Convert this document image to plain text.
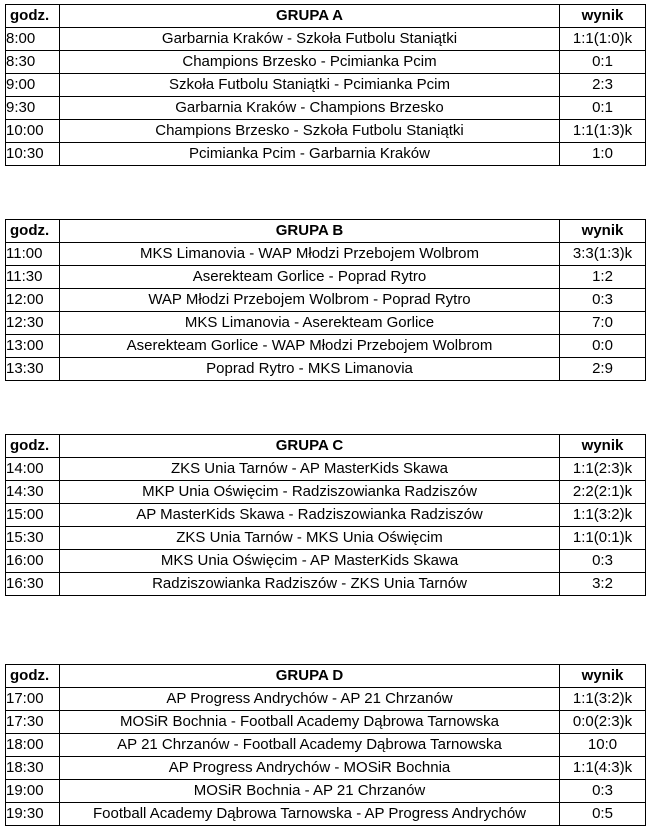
godz.	GRUPA A	wynik
8:00	Garbarnia Kraków - Szkoła Futbolu Staniątki	1:1(1:0)k
8:30	Champions Brzesko - Pcimianka Pcim	0:1
9:00	Szkoła Futbolu Staniątki - Pcimianka Pcim	2:3
9:30	Garbarnia Kraków - Champions Brzesko	0:1
10:00	Champions Brzesko - Szkoła Futbolu Staniątki	1:1(1:3)k
10:30	Pcimianka Pcim - Garbarnia Kraków	1:0
godz.	GRUPA B	wynik
11:00	MKS Limanovia - WAP Młodzi Przebojem Wolbrom	3:3(1:3)k
11:30	Aserekteam Gorlice - Poprad Rytro	1:2
12:00	WAP Młodzi Przebojem Wolbrom - Poprad Rytro	0:3
12:30	MKS Limanovia - Aserekteam Gorlice	7:0
13:00	Aserekteam Gorlice - WAP Młodzi Przebojem Wolbrom	0:0
13:30	Poprad Rytro - MKS Limanovia	2:9
godz.	GRUPA C	wynik
14:00	ZKS Unia Tarnów - AP MasterKids Skawa	1:1(2:3)k
14:30	MKP Unia Oświęcim - Radziszowianka Radziszów	2:2(2:1)k
15:00	AP MasterKids Skawa - Radziszowianka Radziszów	1:1(3:2)k
15:30	ZKS Unia Tarnów - MKS Unia Oświęcim	1:1(0:1)k
16:00	MKS Unia Oświęcim - AP MasterKids Skawa	0:3
16:30	Radziszowianka Radziszów - ZKS Unia Tarnów	3:2
godz.	GRUPA D	wynik
17:00	AP Progress Andrychów - AP 21 Chrzanów	1:1(3:2)k
17:30	MOSiR Bochnia - Football Academy Dąbrowa Tarnowska	0:0(2:3)k
18:00	AP 21 Chrzanów - Football Academy Dąbrowa Tarnowska	10:0
18:30	AP Progress Andrychów - MOSiR Bochnia	1:1(4:3)k
19:00	MOSiR Bochnia - AP 21 Chrzanów	0:3
19:30	Football Academy Dąbrowa Tarnowska - AP Progress Andrychów	0:5
